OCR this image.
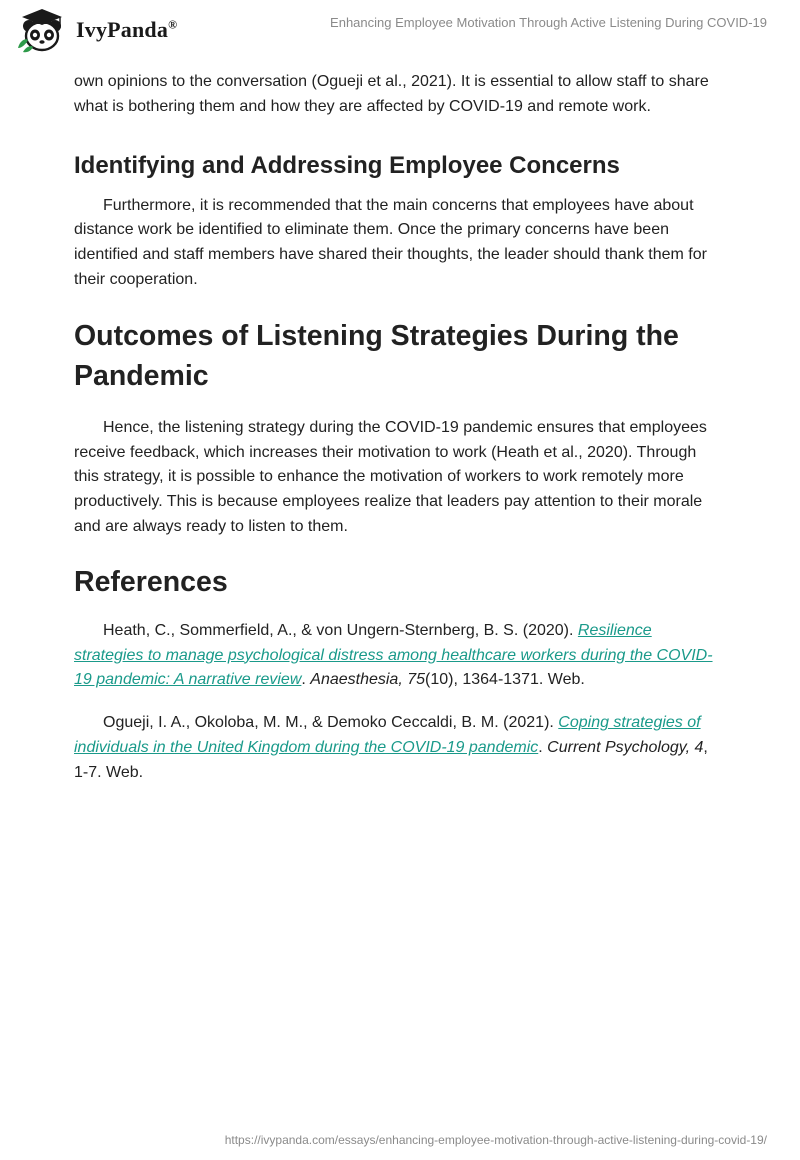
IvyPanda®	Enhancing Employee Motivation Through Active Listening During COVID-19

own opinions to the conversation (Ogueji et al., 2021). It is essential to allow staff to share what is bothering them and how they are affected by COVID-19 and remote work.

Identifying and Addressing Employee Concerns

Furthermore, it is recommended that the main concerns that employees have about distance work be identified to eliminate them. Once the primary concerns have been identified and staff members have shared their thoughts, the leader should thank them for their cooperation.

Outcomes of Listening Strategies During the Pandemic

Hence, the listening strategy during the COVID-19 pandemic ensures that employees receive feedback, which increases their motivation to work (Heath et al., 2020). Through this strategy, it is possible to enhance the motivation of workers to work remotely more productively. This is because employees realize that leaders pay attention to their morale and are always ready to listen to them.

References

Heath, C., Sommerfield, A., & von Ungern-Sternberg, B. S. (2020). Resilience strategies to manage psychological distress among healthcare workers during the COVID-19 pandemic: A narrative review. Anaesthesia, 75(10), 1364-1371. Web.

Ogueji, I. A., Okoloba, M. M., & Demoko Ceccaldi, B. M. (2021). Coping strategies of individuals in the United Kingdom during the COVID-19 pandemic. Current Psychology, 4, 1-7. Web.

https://ivypanda.com/essays/enhancing-employee-motivation-through-active-listening-during-covid-19/
